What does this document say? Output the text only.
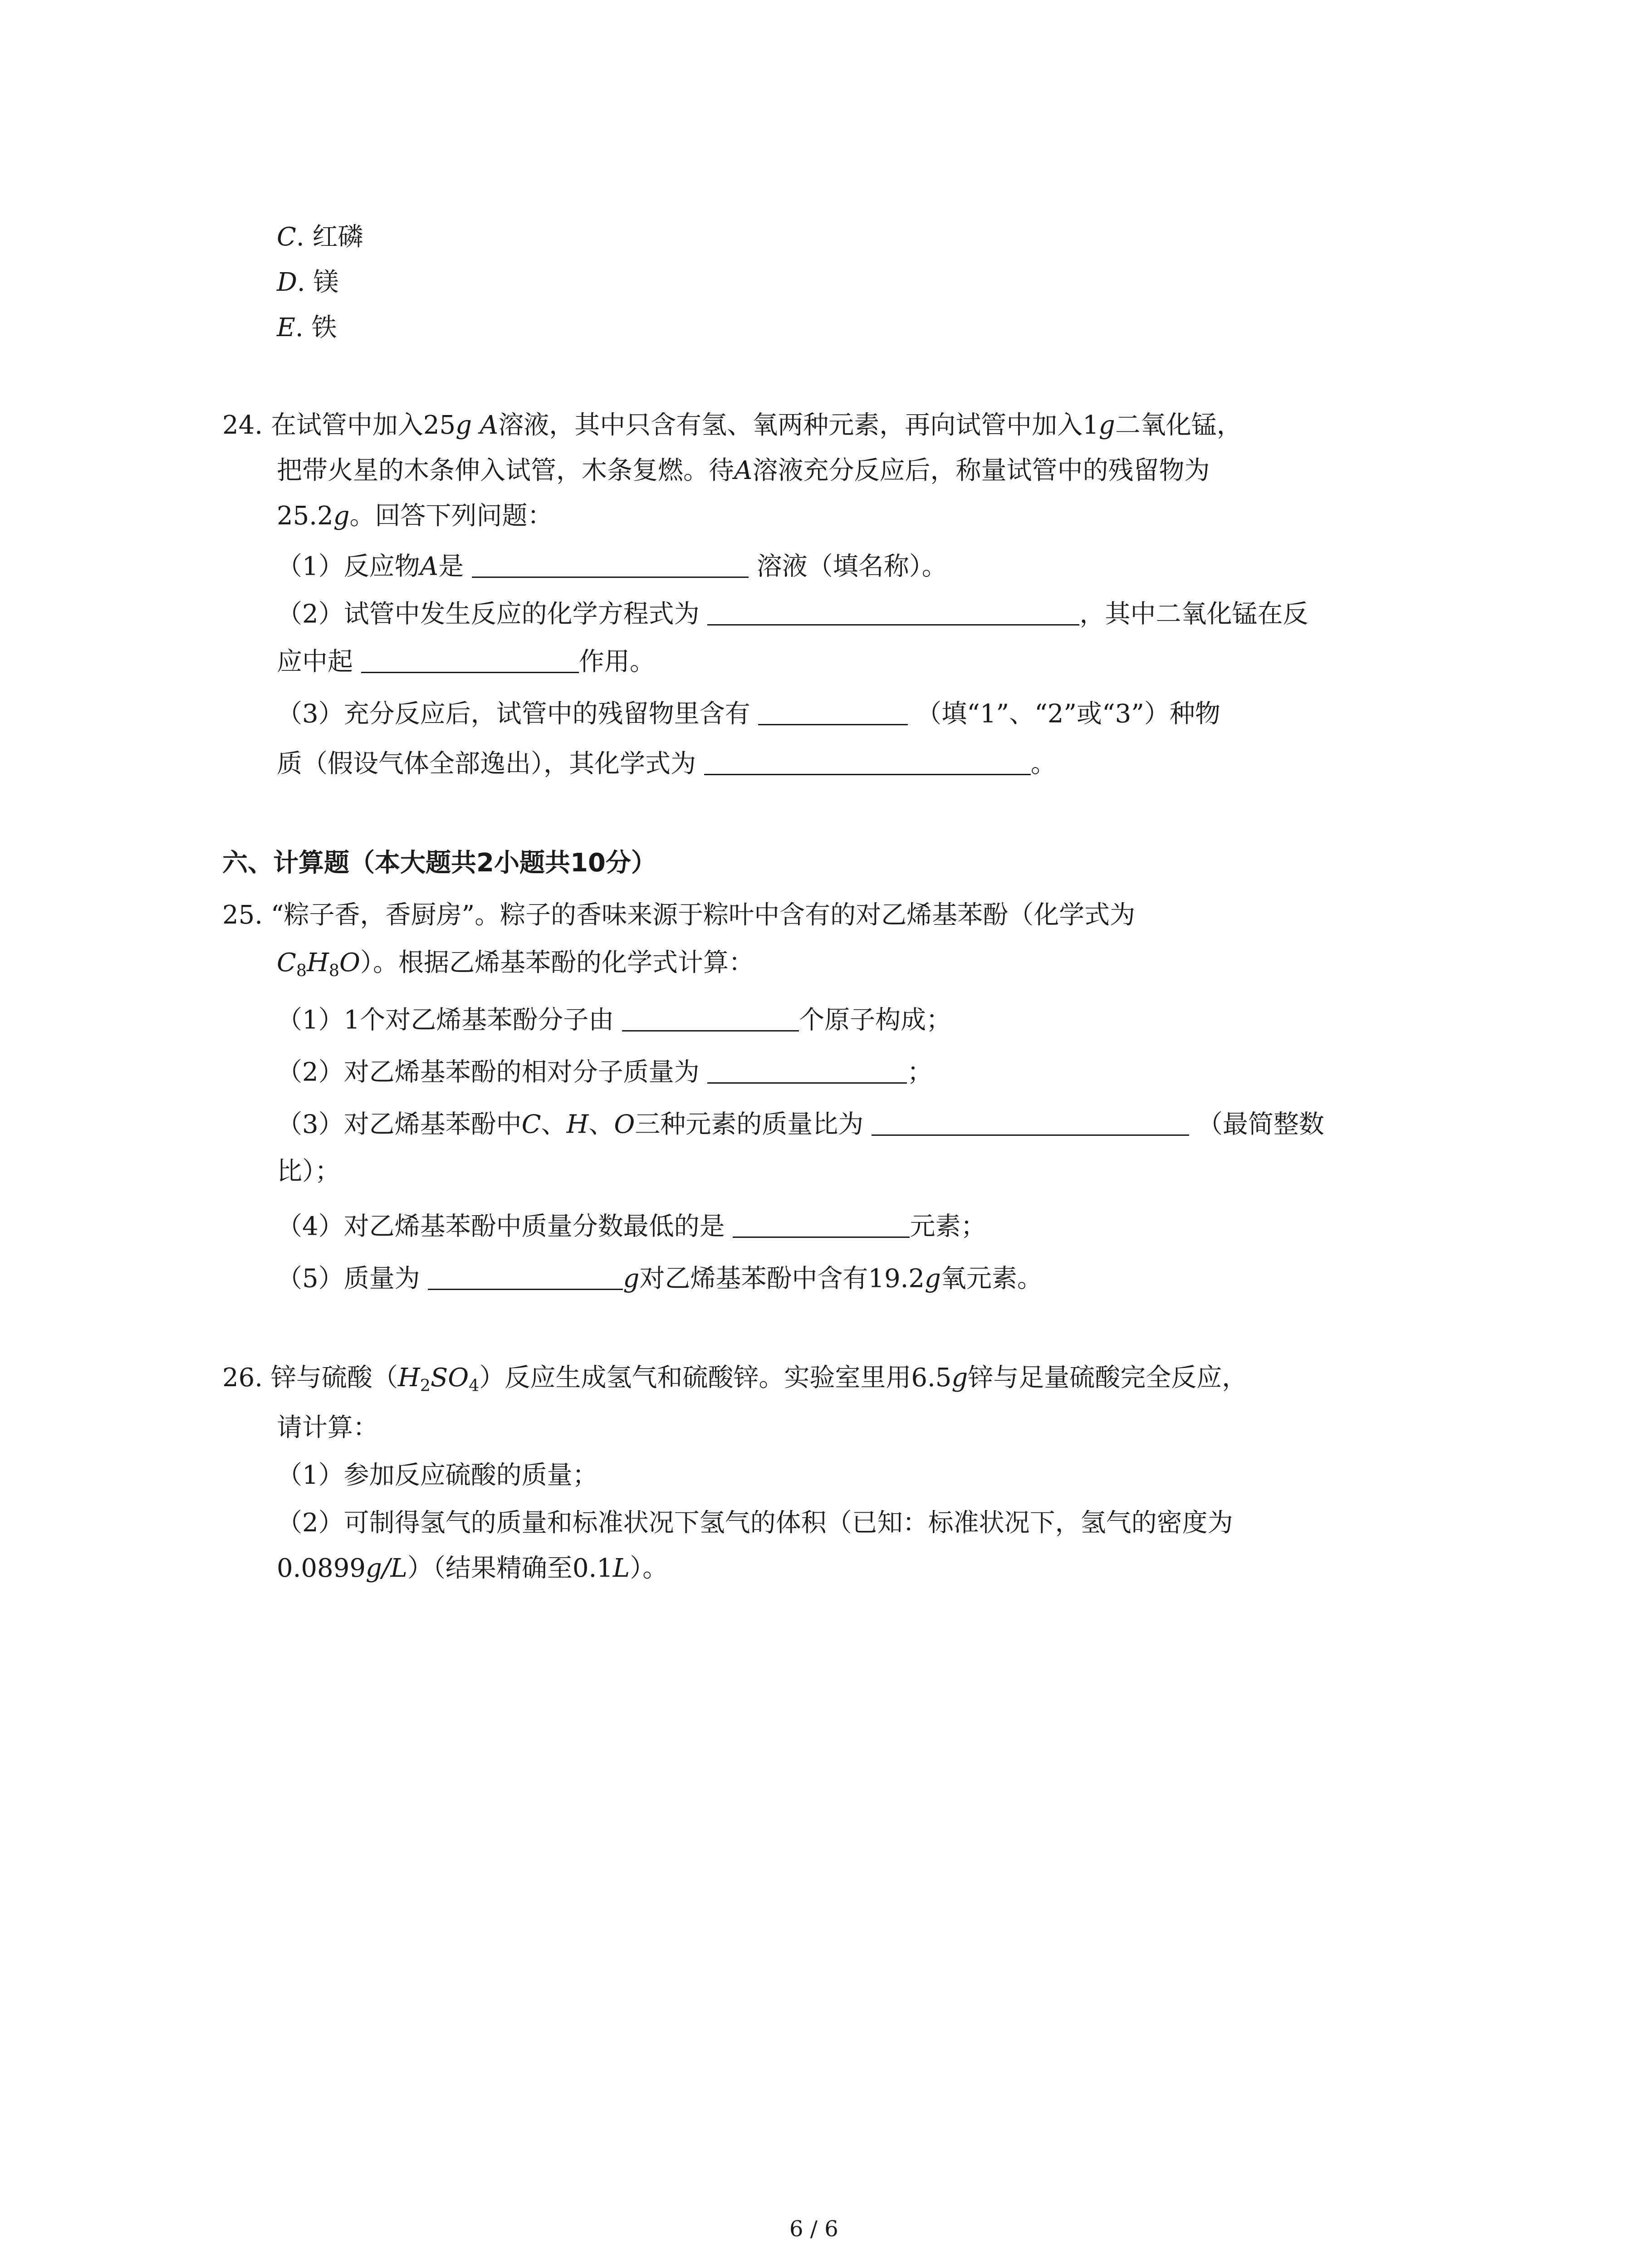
C. 红磷
D. 镁
E. 铁
24. 在试管中加入25g A溶液，其中只含有氢、氧两种元素，再向试管中加入1g二氧化锰，
把带火星的木条伸入试管，木条复燃。待A溶液充分反应后，称量试管中的残留物为
25.2g。回答下列问题：
（1）反应物A是	溶液（填名称）。
（2）试管中发生反应的化学方程式为	，其中二氧化锰在反
应中起	作用。
（3）充分反应后，试管中的残留物里含有	（填“1”、“2”或“3”）种物
质（假设气体全部逸出），其化学式为	。
六、计算题（本大题共2小题共10分）
25. “粽子香，香厨房”。粽子的香味来源于粽叶中含有的对乙烯基苯酚（化学式为
$C_8H_8O$）。根据乙烯基苯酚的化学式计算：
（1）1个对乙烯基苯酚分子由	个原子构成；
（2）对乙烯基苯酚的相对分子质量为	；
（3）对乙烯基苯酚中C、H、O三种元素的质量比为	（最简整数
比）；
（4）对乙烯基苯酚中质量分数最低的是	元素；
（5）质量为	g对乙烯基苯酚中含有19.2g氧元素。
26. 锌与硫酸$(H_2SO_4)$反应生成氢气和硫酸锌。实验室里用6.5g锌与足量硫酸完全反应，
请计算：
（1）参加反应硫酸的质量；
（2）可制得氢气的质量和标准状况下氢气的体积（已知：标准状况下，氢气的密度为
0.0899g/L）（结果精确至0.1L）。
6 / 6
